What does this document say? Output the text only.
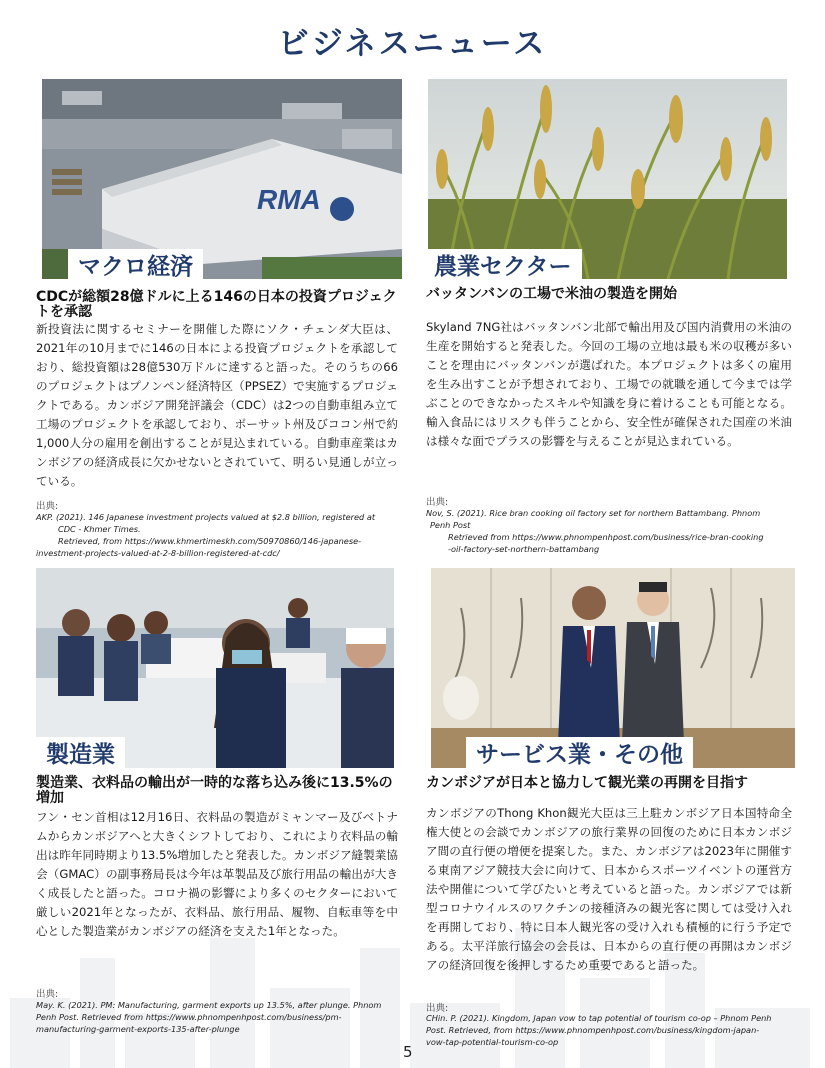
ビジネスニュース
RMA
マクロ経済
CDCが総額28億ドルに上る146の日本の投資プロジェクトを承認

新投資法に関するセミナーを開催した際にソク・チェンダ大臣は、2021年の10月までに146の日本による投資プロジェクトを承認しており、総投資額は28億530万ドルに達すると語った。そのうちの66のプロジェクトはプノンペン経済特区（PPSEZ）で実施するプロジェクトである。カンボジア開発評議会（CDC）は2つの自動車組み立て工場のプロジェクトを承認しており、ポーサット州及びココン州で約1,000人分の雇用を創出することが見込まれている。自動車産業はカンボジアの経済成長に欠かせないとされていて、明るい見通しが立っている。

出典:
AKP. (2021). 146 Japanese investment projects valued at $2.8 billion, registered at
CDC - Khmer Times.
Retrieved, from https://www.khmertimeskh.com/50970860/146-japanese-
investment-projects-valued-at-2-8-billion-registered-at-cdc/
農業セクター
バッタンバンの工場で米油の製造を開始

Skyland 7NG社はバッタンバン北部で輸出用及び国内消費用の米油の生産を開始すると発表した。今回の工場の立地は最も米の収穫が多いことを理由にバッタンバンが選ばれた。本プロジェクトは多くの雇用を生み出すことが予想されており、工場での就職を通して今までは学ぶことのできなかったスキルや知識を身に着けることも可能となる。輸入食品にはリスクも伴うことから、安全性が確保された国産の米油は様々な面でプラスの影響を与えることが見込まれている。

出典:
Nov, S. (2021). Rice bran cooking oil factory set for northern Battambang. Phnom
Penh Post
Retrieved from https://www.phnompenhpost.com/business/rice-bran-cooking
-oil-factory-set-northern-battambang
製造業
製造業、衣料品の輸出が一時的な落ち込み後に13.5%の増加

フン・セン首相は12月16日、衣料品の製造がミャンマー及びベトナムからカンボジアへと大きくシフトしており、これにより衣料品の輸出は昨年同時期より13.5%増加したと発表した。カンボジア縫製業協会（GMAC）の副事務局長は今年は革製品及び旅行用品の輸出が大きく成長したと語った。コロナ禍の影響により多くのセクターにおいて厳しい2021年となったが、衣料品、旅行用品、履物、自転車等を中心とした製造業がカンボジアの経済を支えた1年となった。

出典:
May. K. (2021). PM: Manufacturing, garment exports up 13.5%, after plunge. Phnom
Penh Post. Retrieved from https://www.phnompenhpost.com/business/pm-
manufacturing-garment-exports-135-after-plunge
サービス業・その他
カンボジアが日本と協力して観光業の再開を目指す

カンボジアのThong Khon観光大臣は三上駐カンボジア日本国特命全権大使との会談でカンボジアの旅行業界の回復のために日本カンボジア間の直行便の増便を提案した。また、カンボジアは2023年に開催する東南アジア競技大会に向けて、日本からスポーツイベントの運営方法や開催について学びたいと考えていると語った。カンボジアでは新型コロナウイルスのワクチンの接種済みの観光客に関しては受け入れを再開しており、特に日本人観光客の受け入れも積極的に行う予定である。太平洋旅行協会の会長は、日本からの直行便の再開はカンボジアの経済回復を後押しするため重要であると語った。

出典:
CHin. P. (2021). Kingdom, Japan vow to tap potential of tourism co-op – Phnom Penh
Post. Retrieved, from https://www.phnompenhpost.com/business/kingdom-japan-
vow-tap-potential-tourism-co-op
5
